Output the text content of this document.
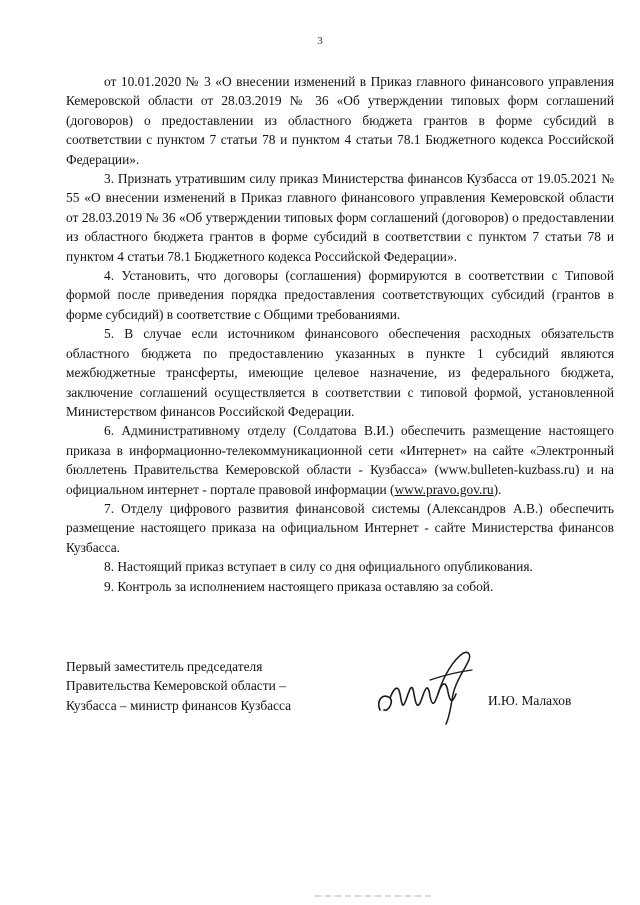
3

от 10.01.2020 № 3 «О внесении изменений в Приказ главного финансового управления Кемеровской области от 28.03.2019 № 36 «Об утверждении типовых форм соглашений (договоров) о предоставлении из областного бюджета грантов в форме субсидий в соответствии с пунктом 7 статьи 78 и пунктом 4 статьи 78.1 Бюджетного кодекса Российской Федерации».

3. Признать утратившим силу приказ Министерства финансов Кузбасса от 19.05.2021 № 55 «О внесении изменений в Приказ главного финансового управления Кемеровской области от 28.03.2019 № 36 «Об утверждении типовых форм соглашений (договоров) о предоставлении из областного бюджета грантов в форме субсидий в соответствии с пунктом 7 статьи 78 и пунктом 4 статьи 78.1 Бюджетного кодекса Российской Федерации».

4. Установить, что договоры (соглашения) формируются в соответствии с Типовой формой после приведения порядка предоставления соответствующих субсидий (грантов в форме субсидий) в соответствие с Общими требованиями.

5. В случае если источником финансового обеспечения расходных обязательств областного бюджета по предоставлению указанных в пункте 1 субсидий являются межбюджетные трансферты, имеющие целевое назначение, из федерального бюджета, заключение соглашений осуществляется в соответствии с типовой формой, установленной Министерством финансов Российской Федерации.

6. Административному отделу (Солдатова В.И.) обеспечить размещение настоящего приказа в информационно-телекоммуникационной сети «Интернет» на сайте «Электронный бюллетень Правительства Кемеровской области - Кузбасса» (www.bulleten-kuzbass.ru) и на официальном интернет - портале правовой информации (www.pravo.gov.ru).

7. Отделу цифрового развития финансовой системы (Александров А.В.) обеспечить размещение настоящего приказа на официальном Интернет - сайте Министерства финансов Кузбасса.

8. Настоящий приказ вступает в силу со дня официального опубликования.

9. Контроль за исполнением настоящего приказа оставляю за собой.

Первый заместитель председателя
Правительства Кемеровской области –
Кузбасса – министр финансов Кузбасса	И.Ю. Малахов
